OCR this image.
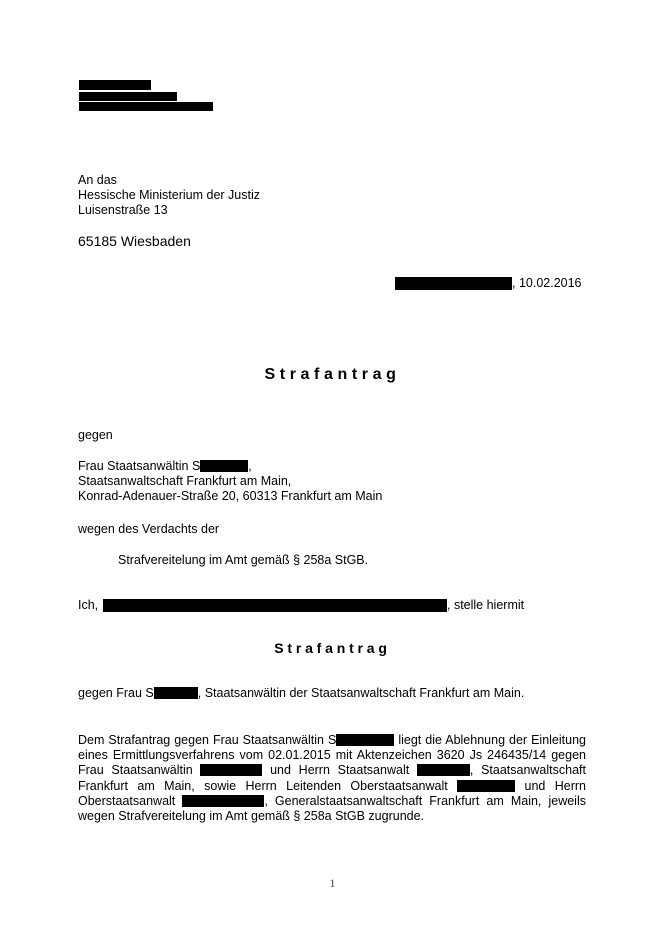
An das
Hessische Ministerium der Justiz
Luisenstraße 13
65185 Wiesbaden
, 10.02.2016
Strafantrag
gegen
Frau Staatsanwältin S	,
Staatsanwaltschaft Frankfurt am Main,
Konrad-Adenauer-Straße 20, 60313 Frankfurt am Main
wegen des Verdachts der
Strafvereitelung im Amt gemäß § 258a StGB.
Ich,	, stelle hiermit
Strafantrag
gegen Frau S	, Staatsanwältin der Staatsanwaltschaft Frankfurt am Main.
Dem Strafantrag gegen Frau Staatsanwältin S	liegt die Ablehnung der Einleitung eines Ermittlungsverfahrens vom 02.01.2015 mit Aktenzeichen 3620 Js 246435/14 gegen Frau Staatsanwältin	und Herrn Staatsanwalt	, Staatsanwaltschaft Frankfurt am Main, sowie Herrn Leitenden Oberstaatsanwalt	und Herrn Oberstaatsanwalt	, Generalstaatsanwaltschaft Frankfurt am Main, jeweils wegen Strafvereitelung im Amt gemäß § 258a StGB zugrunde.
1
